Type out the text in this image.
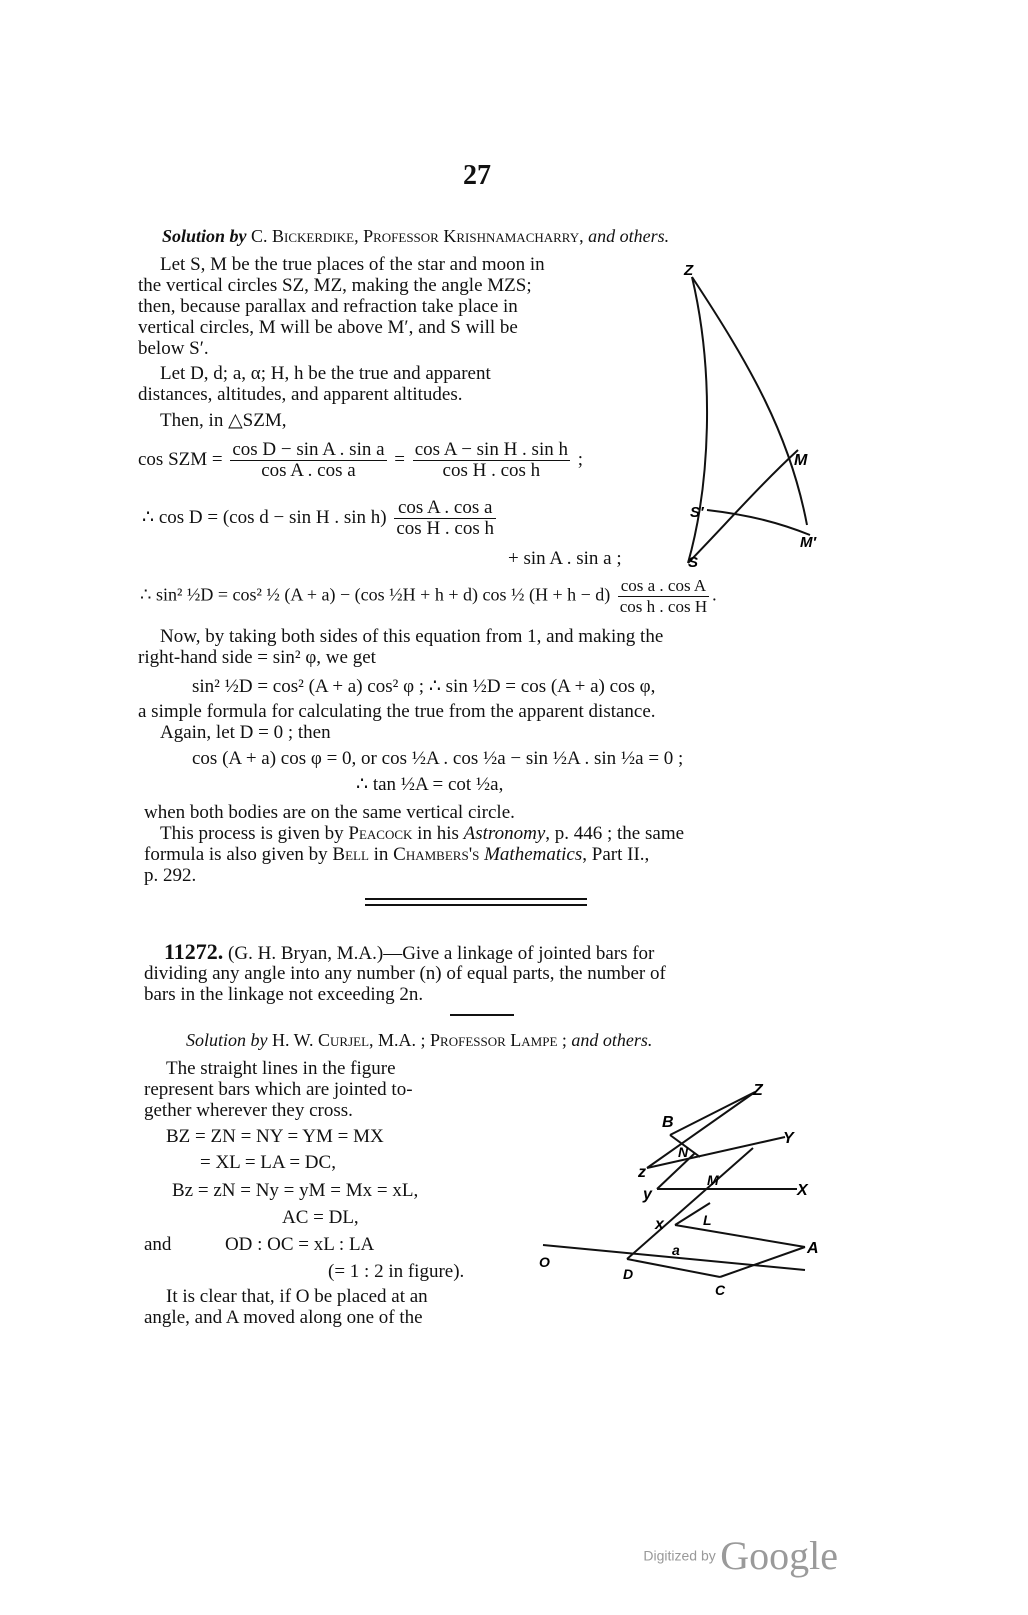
27
Solution by C. Bickerdike, Professor Krishnamacharry, and others.
Let S, M be the true places of the star and moon in
the vertical circles SZ, MZ, making the angle MZS;
then, because parallax and refraction take place in
vertical circles, M will be above M′, and S will be
below S′.
Let D, d; a, α; H, h be the true and apparent
distances, altitudes, and apparent altitudes.
Then, in △SZM,
cos SZM = $\frac{\text{cos D − sin A . sin a}}{\text{cos A . cos a}} = \frac{\text{cos A − sin H . sin h}}{\text{cos H . cos h}}$ ;
∴ cos D = (cos d − sin H . $\sin h) \frac{\text{cos A . cos a}}{\text{cos H . cos h}}$
+ sin A . sin a ;
∴ sin² ½D = cos² ½ (A + a) − (cos ½H + h + d) cos ½ $(H + h - d) \frac{\text{cos a . cos A}}{\text{cos h . cos H}}$ .
Now, by taking both sides of this equation from 1, and making the
right-hand side = sin² φ, we get
sin² ½D = cos² (A + a) cos² φ ; ∴ sin ½D = cos (A + a) cos φ,
a simple formula for calculating the true from the apparent distance.
Again, let D = 0 ; then
cos (A + a) cos φ = 0, or cos ½A . cos ½a − sin ½A . sin ½a = 0 ;
∴ tan ½A = cot ½a,
when both bodies are on the same vertical circle.
This process is given by Peacock in his Astronomy, p. 446 ; the same
formula is also given by Bell in Chambers's Mathematics, Part II.,
p. 292.
11272. (G. H. Bryan, M.A.)—Give a linkage of jointed bars for
dividing any angle into any number (n) of equal parts, the number of
bars in the linkage not exceeding 2n.
Solution by H. W. Curjel, M.A. ; Professor Lampe ; and others.
The straight lines in the figure
represent bars which are jointed to-
gether wherever they cross.
BZ = ZN = NY = YM = MX
= XL = LA = DC,
Bz = zN = Ny = yM = Mx = xL,
AC = DL,
and	OD : OC = xL : LA
(= 1 : 2 in figure).
It is clear that, if O be placed at an
angle, and A moved along one of the
Z
M
S′
M′
S
Z
B
Y
N
z	M
X
y
x	L
A
a
O
D
C
Digitized by Google
